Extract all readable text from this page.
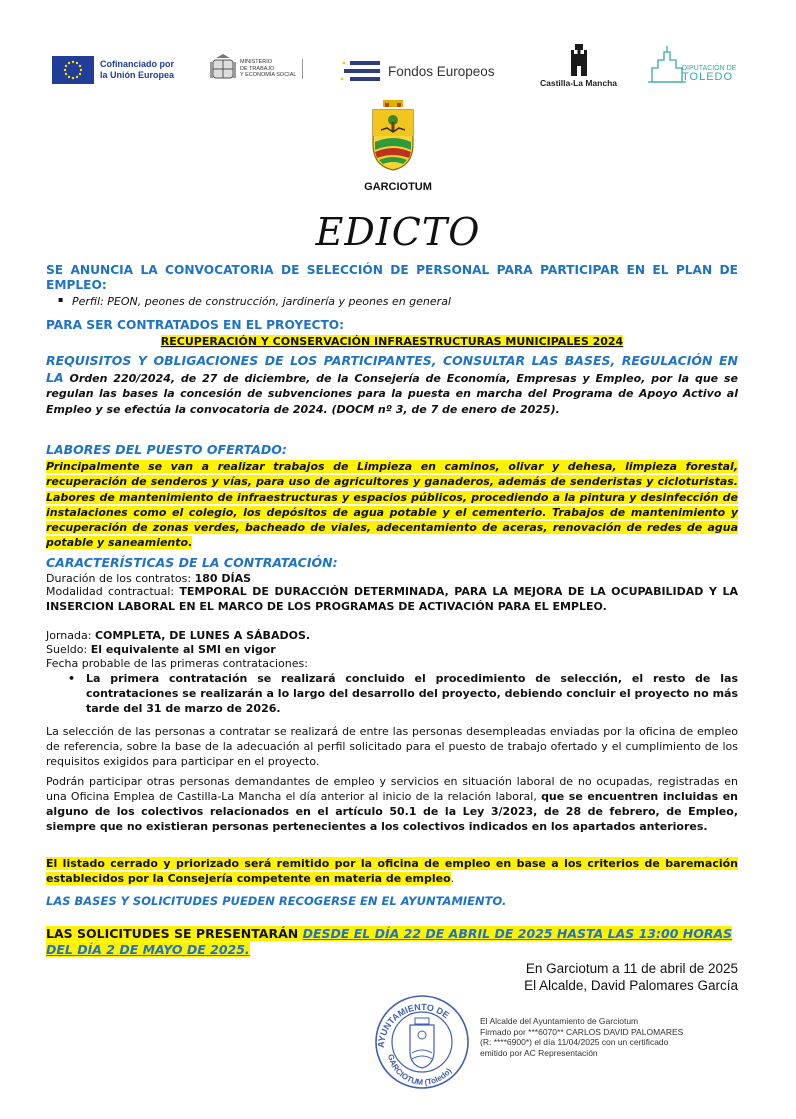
Cofinanciado por
la Unión Europea
MINISTERIO
DE TRABAJO
Y ECONOMÍA SOCIAL	Fondos Europeos
Castilla-La Mancha
DIPUTACIÓN DE
TOLEDO
GARCIOTUM
EDICTO
SE ANUNCIA LA CONVOCATORIA DE SELECCIÓN DE PERSONAL PARA PARTICIPAR EN EL PLAN DE EMPLEO:
▪ Perfil: PEON, peones de construcción, jardinería y peones en general
PARA SER CONTRATADOS EN EL PROYECTO:
RECUPERACIÓN Y CONSERVACIÓN INFRAESTRUCTURAS MUNICIPALES 2024
REQUISITOS Y OBLIGACIONES DE LOS PARTICIPANTES, CONSULTAR LAS BASES, REGULACIÓN EN LA Orden 220/2024, de 27 de diciembre, de la Consejería de Economía, Empresas y Empleo, por la que se regulan las bases la concesión de subvenciones para la puesta en marcha del Programa de Apoyo Activo al Empleo y se efectúa la convocatoria de 2024. (DOCM nº 3, de 7 de enero de 2025).
LABORES DEL PUESTO OFERTADO:
Principalmente se van a realizar trabajos de Limpieza en caminos, olivar y dehesa, limpieza forestal, recuperación de senderos y vías, para uso de agricultores y ganaderos, además de senderistas y cicloturistas. Labores de mantenimiento de infraestructuras y espacios públicos, procediendo a la pintura y desinfección de instalaciones como el colegio, los depósitos de agua potable y el cementerio. Trabajos de mantenimiento y recuperación de zonas verdes, bacheado de viales, adecentamiento de aceras, renovación de redes de agua potable y saneamiento.
CARACTERÍSTICAS DE LA CONTRATACIÓN:
Duración de los contratos: 180 DÍAS
Modalidad contractual: TEMPORAL DE DURACCIÓN DETERMINADA, PARA LA MEJORA DE LA OCUPABILIDAD Y LA INSERCION LABORAL EN EL MARCO DE LOS PROGRAMAS DE ACTIVACIÓN PARA EL EMPLEO.
Jornada: COMPLETA, DE LUNES A SÁBADOS.
Sueldo: El equivalente al SMI en vigor
Fecha probable de las primeras contrataciones:
• La primera contratación se realizará concluido el procedimiento de selección, el resto de las contrataciones se realizarán a lo largo del desarrollo del proyecto, debiendo concluir el proyecto no más tarde del 31 de marzo de 2026.
La selección de las personas a contratar se realizará de entre las personas desempleadas enviadas por la oficina de empleo de referencia, sobre la base de la adecuación al perfil solicitado para el puesto de trabajo ofertado y el cumplimiento de los requisitos exigidos para participar en el proyecto.
Podrán participar otras personas demandantes de empleo y servicios en situación laboral de no ocupadas, registradas en una Oficina Emplea de Castilla-La Mancha el día anterior al inicio de la relación laboral, que se encuentren incluidas en alguno de los colectivos relacionados en el artículo 50.1 de la Ley 3/2023, de 28 de febrero, de Empleo, siempre que no existieran personas pertenecientes a los colectivos indicados en los apartados anteriores.
El listado cerrado y priorizado será remitido por la oficina de empleo en base a los criterios de baremación establecidos por la Consejería competente en materia de empleo.
LAS BASES Y SOLICITUDES PUEDEN RECOGERSE EN EL AYUNTAMIENTO.
LAS SOLICITUDES SE PRESENTARÁN DESDE EL DÍA 22 DE ABRIL DE 2025 HASTA LAS 13:00 HORAS DEL DÍA 2 DE MAYO DE 2025.
En Garciotum a 11 de abril de 2025
El Alcalde, David Palomares García
AYUNTAMIENTO DE
GARCIOTUM (Toledo)
El Alcalde del Ayuntamiento de Garciotum
Firmado por ***6070** CARLOS DAVID PALOMARES
(R: ****6900*) el día 11/04/2025 con un certificado
emitido por AC Representación
